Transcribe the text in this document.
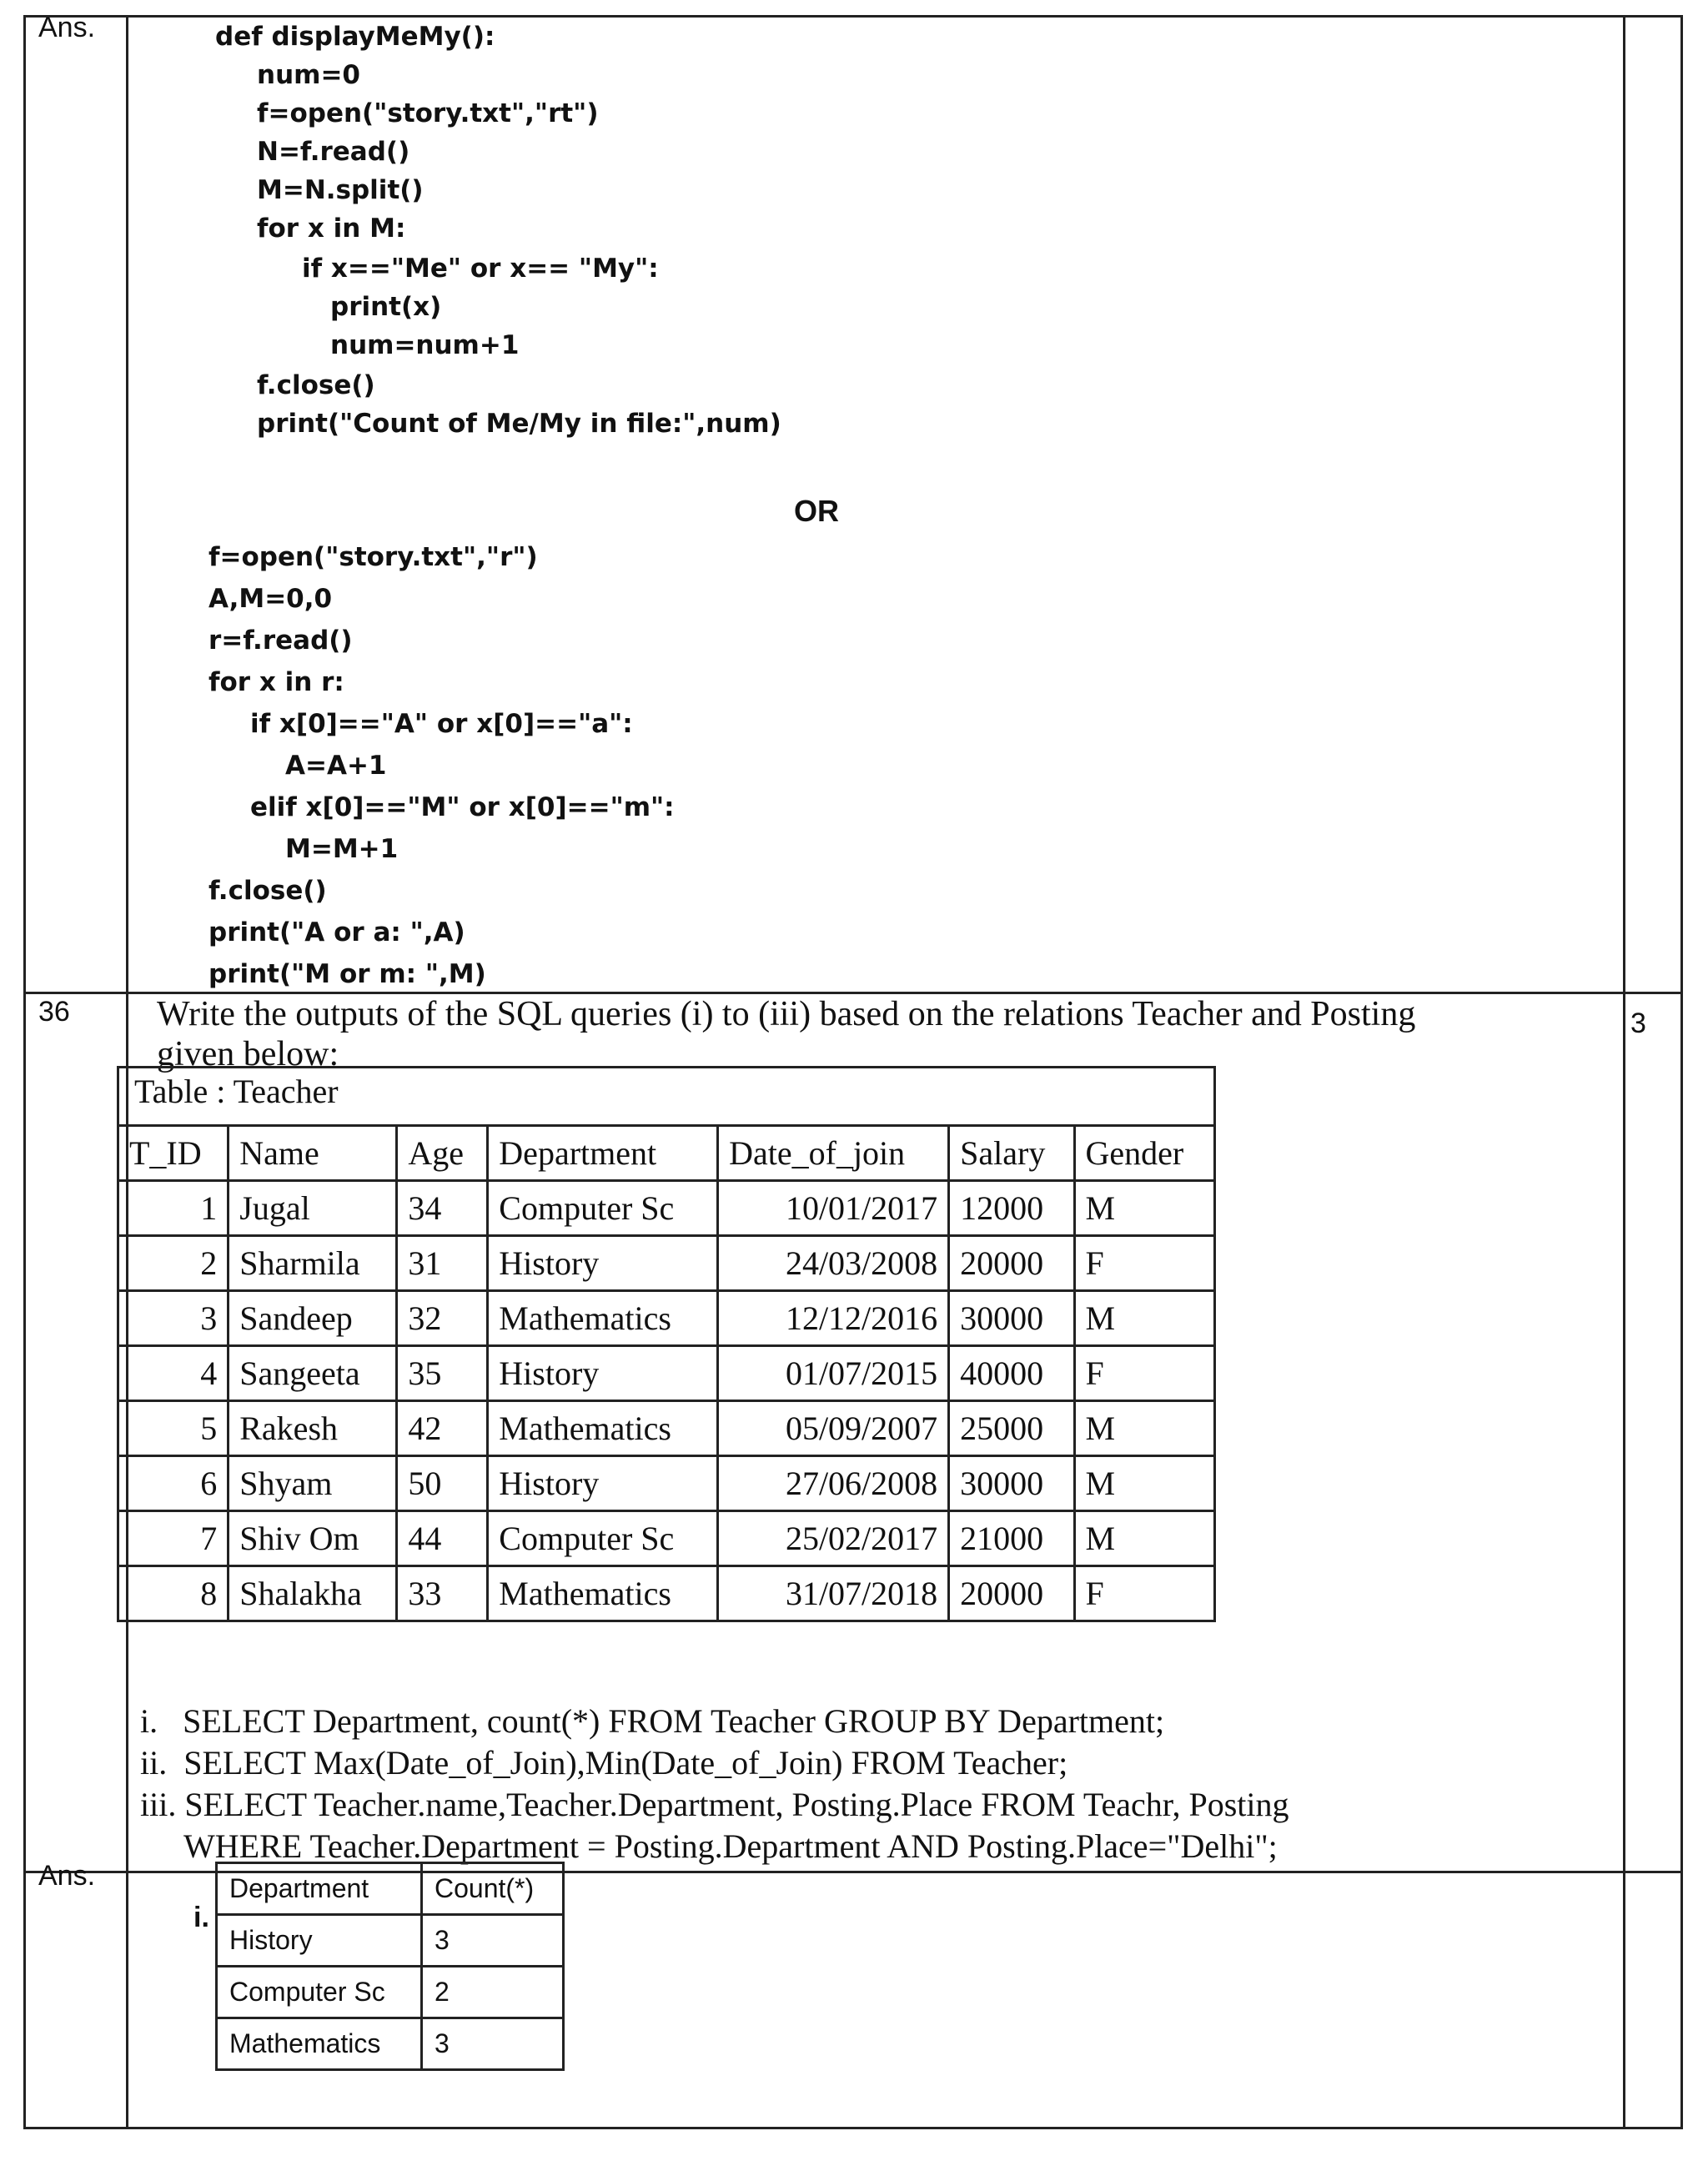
Ans.
36
Ans.
3
def displayMeMy():
num=0
f=open("story.txt","rt")
N=f.read()
M=N.split()
for x in M:
if x=="Me" or x== "My":
print(x)
num=num+1
f.close()
print("Count of Me/My in file:",num)
OR
f=open("story.txt","r")
A,M=0,0
r=f.read()
for x in r:
if x[0]=="A" or x[0]=="a":
A=A+1
elif x[0]=="M" or x[0]=="m":
M=M+1
f.close()
print("A or a: ",A)
print("M or m: ",M)
Write the outputs of the SQL queries (i) to (iii) based on the relations Teacher and Posting
given below:
Table : Teacher
T_ID	Name	Age	Department	Date_of_join	Salary	Gender
1	Jugal	34	Computer Sc	10/01/2017	12000	M
2	Sharmila	31	History	24/03/2008	20000	F
3	Sandeep	32	Mathematics	12/12/2016	30000	M
4	Sangeeta	35	History	01/07/2015	40000	F
5	Rakesh	42	Mathematics	05/09/2007	25000	M
6	Shyam	50	History	27/06/2008	30000	M
7	Shiv Om	44	Computer Sc	25/02/2017	21000	M
8	Shalakha	33	Mathematics	31/07/2018	20000	F
i.   SELECT Department, count(*) FROM Teacher GROUP BY Department;
ii.  SELECT Max(Date_of_Join),Min(Date_of_Join) FROM Teacher;
iii. SELECT Teacher.name,Teacher.Department, Posting.Place FROM Teachr, Posting
WHERE Teacher.Department = Posting.Department AND Posting.Place="Delhi";
i.
Department	Count(*)
History	3
Computer Sc	2
Mathematics	3
